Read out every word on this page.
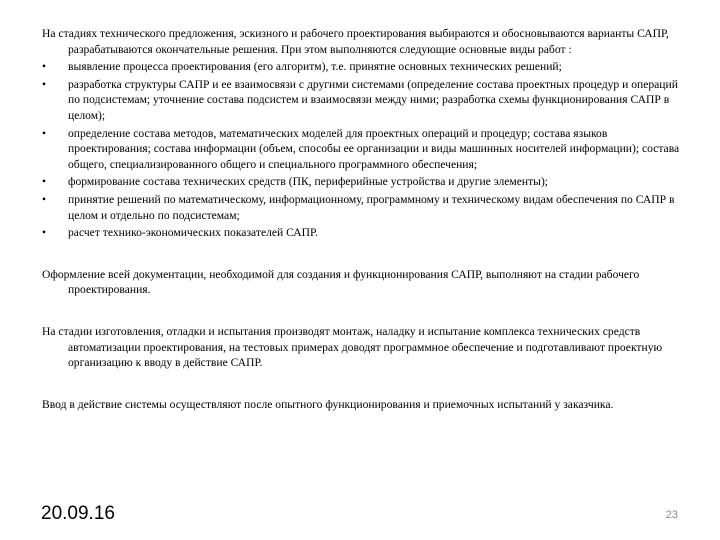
На стадиях технического предложения, эскизного и рабочего проектирования выбираются и обосновываются варианты САПР, разрабатываются окончательные решения. При этом выполняются следующие основные виды работ :

•	выявление процесса проектирования (его алгоритм), т.е. принятие основных технических решений;
•	разработка структуры САПР и ее взаимосвязи с другими системами (определение состава проектных процедур и операций по подсистемам; уточнение состава подсистем и взаимосвязи между ними; разработка схемы функционирования САПР в целом);
•	определение состава методов, математических моделей для проектных операций и процедур; состава языков проектирования; состава информации (объем, способы ее организации и виды машинных носителей информации); состава общего, специализированного общего и специального программного обеспечения;
•	формирование состава технических средств (ПК, периферийные устройства и другие элементы);
•	принятие решений по математическому, информационному, программному и техническому видам обеспечения по САПР в целом и отдельно по подсистемам;
•	расчет технико-экономических показателей САПР.

Оформление всей документации, необходимой для создания и функционирования САПР, выполняют на стадии рабочего проектирования.

На стадии изготовления, отладки и испытания производят монтаж, наладку и испытание комплекса технических средств автоматизации проектирования, на тестовых примерах доводят программное обеспечение и подготавливают проектную организацию к вводу в действие САПР.

Ввод в действие системы осуществляют после опытного функционирования и приемочных испытаний у заказчика.

20.09.16	23
